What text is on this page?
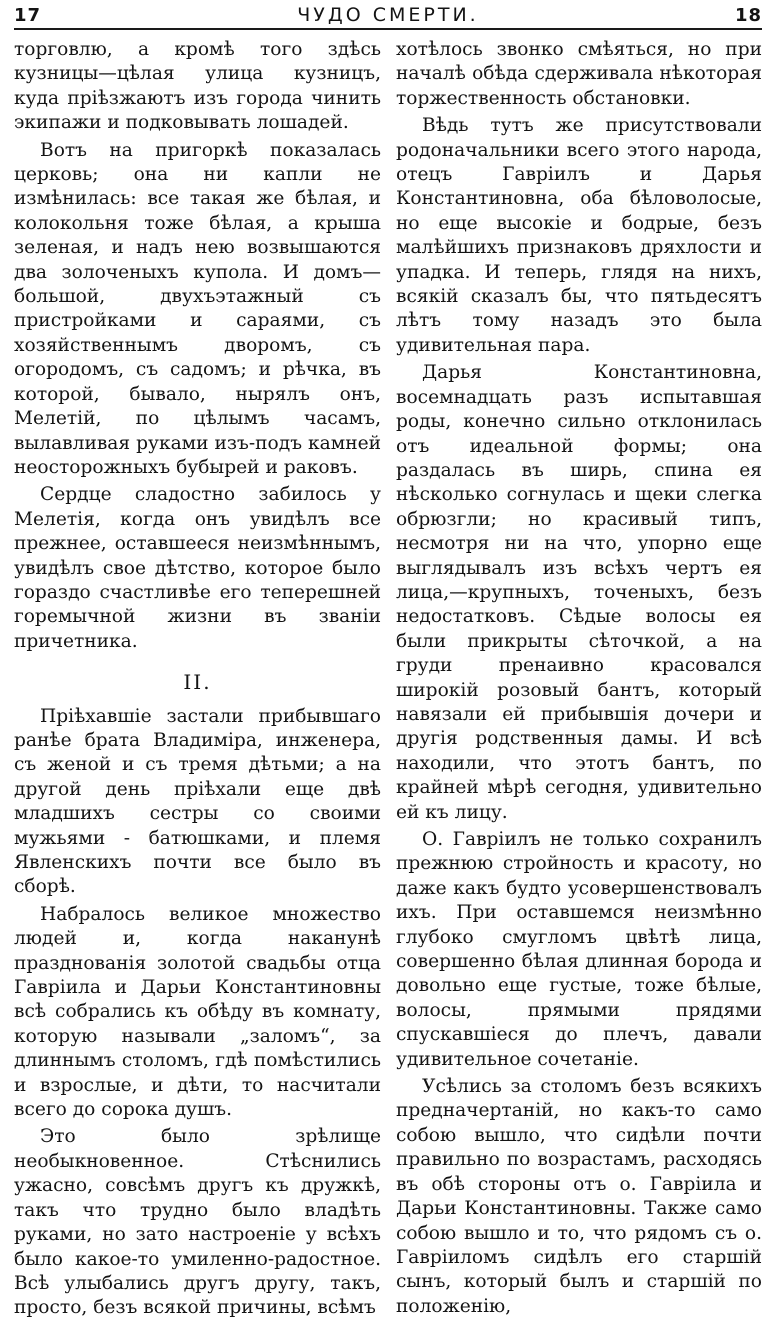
17	ЧУДО СМЕРТИ.	18

торговлю, а кромѣ того здѣсь кузницы—цѣлая улица кузницъ, куда пріѣзжаютъ изъ города чинить экипажи и подковывать лошадей.

Вотъ на пригоркѣ показалась церковь; она ни капли не измѣнилась: все такая же бѣлая, и колокольня тоже бѣлая, а крыша зеленая, и надъ нею возвышаются два золоченыхъ купола. И домъ—большой, двухъэтажный съ пристройками и сараями, съ хозяйственнымъ дворомъ, съ огородомъ, съ садомъ; и рѣчка, въ которой, бывало, нырялъ онъ, Мелетій, по цѣлымъ часамъ, вылавливая руками изъ-подъ камней неосторожныхъ бубырей и раковъ.

Сердце сладостно забилось у Мелетія, когда онъ увидѣлъ все прежнее, оставшееся неизмѣннымъ, увидѣлъ свое дѣтство, которое было гораздо счастливѣе его теперешней горемычной жизни въ званіи причетника.

II.

Пріѣхавшіе застали прибывшаго ранѣе брата Владиміра, инженера, съ женой и съ тремя дѣтьми; а на другой день пріѣхали еще двѣ младшихъ сестры со своими мужьями - батюшками, и племя Явленскихъ почти все было въ сборѣ.

Набралось великое множество людей и, когда наканунѣ празднованія золотой свадьбы отца Гавріила и Дарьи Константиновны всѣ собрались къ обѣду въ комнату, которую называли „заломъ“, за длиннымъ столомъ, гдѣ помѣстились и взрослые, и дѣти, то насчитали всего до сорока душъ.

Это было зрѣлище необыкновенное. Стѣснились ужасно, совсѣмъ другъ къ дружкѣ, такъ что трудно было владѣть руками, но зато настроеніе у всѣхъ было какое-то умиленно-радостное. Всѣ улыбались другъ другу, такъ, просто, безъ всякой причины, всѣмъ

хотѣлось звонко смѣяться, но при началѣ обѣда сдерживала нѣкоторая торжественность обстановки.

Вѣдь тутъ же присутствовали родоначальники всего этого народа, отецъ Гавріилъ и Дарья Константиновна, оба бѣловолосые, но еще высокіе и бодрые, безъ малѣйшихъ признаковъ дряхлости и упадка. И теперь, глядя на нихъ, всякій сказалъ бы, что пятьдесятъ лѣтъ тому назадъ это была удивительная пара.

Дарья Константиновна, восемнадцать разъ испытавшая роды, конечно сильно отклонилась отъ идеальной формы; она раздалась въ ширь, спина ея нѣсколько согнулась и щеки слегка обрюзгли; но красивый типъ, несмотря ни на что, упорно еще выглядывалъ изъ всѣхъ чертъ ея лица,—крупныхъ, точеныхъ, безъ недостатковъ. Сѣдые волосы ея были прикрыты сѣточкой, а на груди пренаивно красовался широкій розовый бантъ, который навязали ей прибывшія дочери и другія родственныя дамы. И всѣ находили, что этотъ бантъ, по крайней мѣрѣ сегодня, удивительно ей къ лицу.

О. Гавріилъ не только сохранилъ прежнюю стройность и красоту, но даже какъ будто усовершенствовалъ ихъ. При оставшемся неизмѣнно глубоко смугломъ цвѣтѣ лица, совершенно бѣлая длинная борода и довольно еще густые, тоже бѣлые, волосы, прямыми прядями спускавшіеся до плечъ, давали удивительное сочетаніе.

Усѣлись за столомъ безъ всякихъ предначертаній, но какъ-то само собою вышло, что сидѣли почти правильно по возрастамъ, расходясь въ обѣ стороны отъ о. Гавріила и Дарьи Константиновны. Также само собою вышло и то, что рядомъ съ о. Гавріиломъ сидѣлъ его старшій сынъ, который былъ и старшій по положенію,
